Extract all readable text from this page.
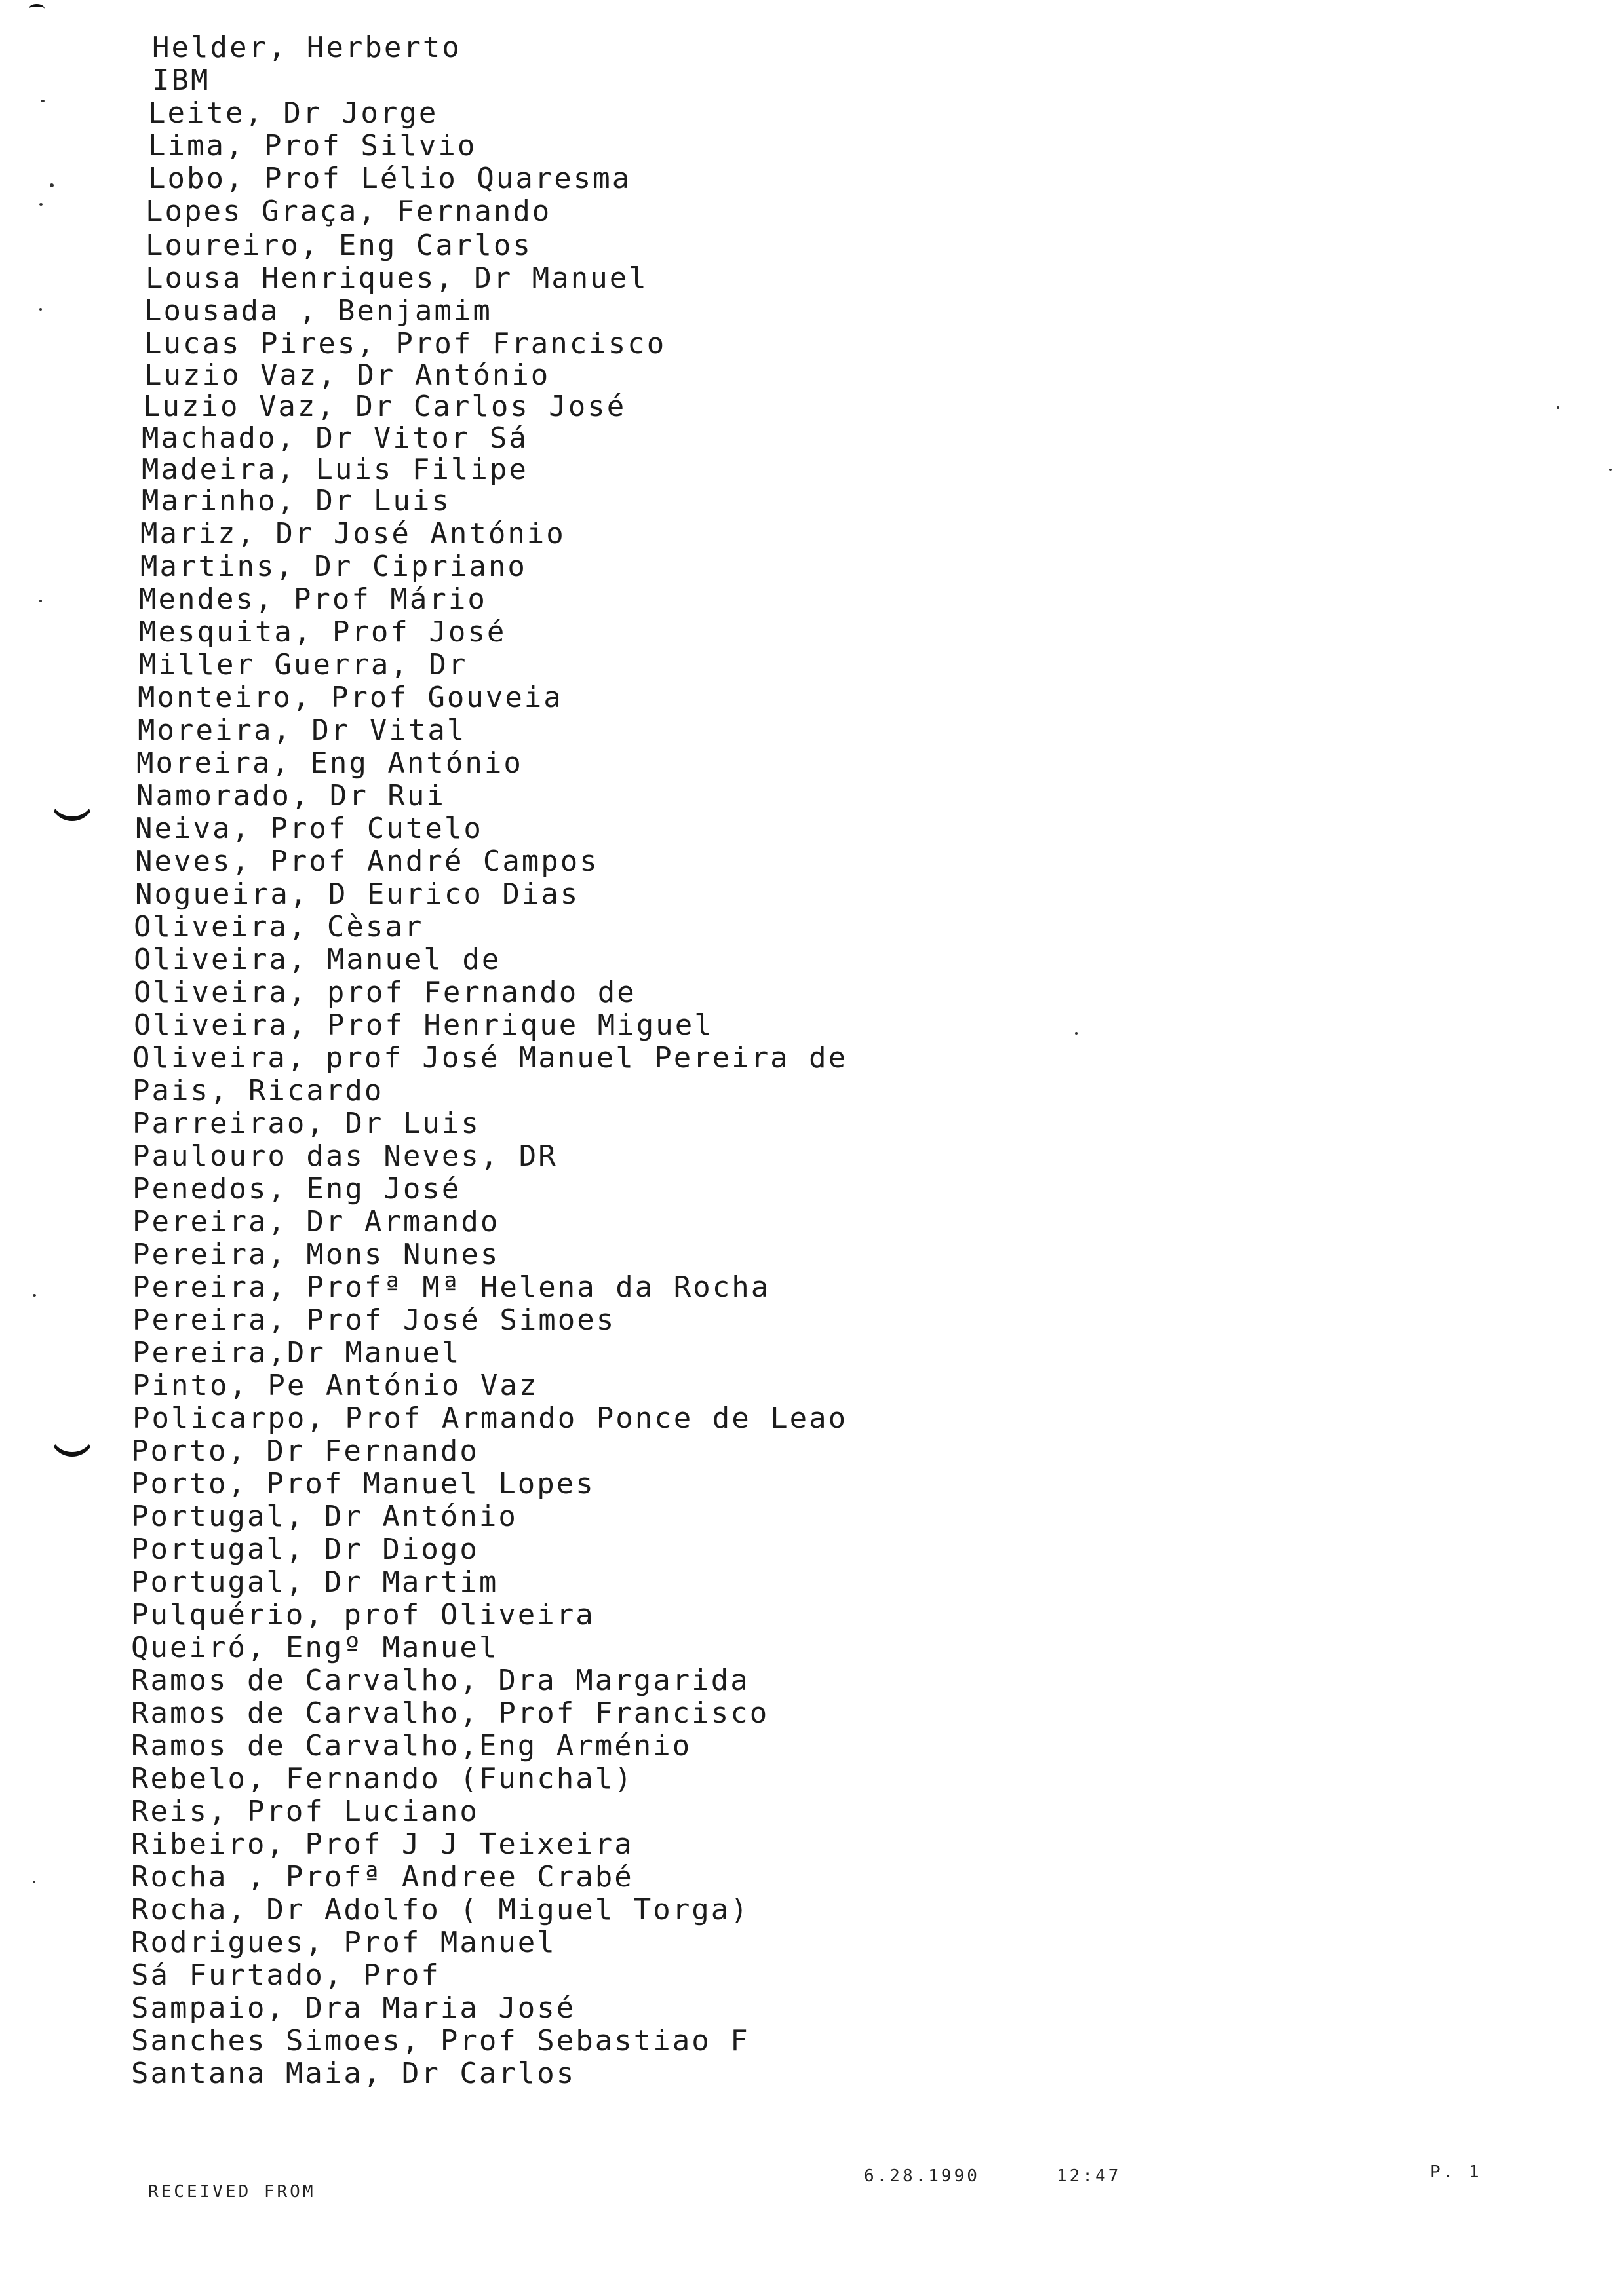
Helder, Herberto
IBM
Leite, Dr Jorge
Lima, Prof Silvio
Lobo, Prof Lélio Quaresma
Lopes Graça, Fernando
Loureiro, Eng Carlos
Lousa Henriques, Dr Manuel
Lousada , Benjamim
Lucas Pires, Prof Francisco
Luzio Vaz, Dr António
Luzio Vaz, Dr Carlos José
Machado, Dr Vitor Sá
Madeira, Luis Filipe
Marinho, Dr Luis
Mariz, Dr José António
Martins, Dr Cipriano
Mendes, Prof Mário
Mesquita, Prof José
Miller Guerra, Dr
Monteiro, Prof Gouveia
Moreira, Dr Vital
Moreira, Eng António
Namorado, Dr Rui
Neiva, Prof Cutelo
Neves, Prof André Campos
Nogueira, D Eurico Dias
Oliveira, Cèsar
Oliveira, Manuel de
Oliveira, prof Fernando de
Oliveira, Prof Henrique Miguel
Oliveira, prof José Manuel Pereira de
Pais, Ricardo
Parreirao, Dr Luis
Paulouro das Neves, DR
Penedos, Eng José
Pereira, Dr Armando
Pereira, Mons Nunes
Pereira, Profª Mª Helena da Rocha
Pereira, Prof José Simoes
Pereira,Dr Manuel
Pinto, Pe António Vaz
Policarpo, Prof Armando Ponce de Leao
Porto, Dr Fernando
Porto, Prof Manuel Lopes
Portugal, Dr António
Portugal, Dr Diogo
Portugal, Dr Martim
Pulquério, prof Oliveira
Queiró, Engº Manuel
Ramos de Carvalho, Dra Margarida
Ramos de Carvalho, Prof Francisco
Ramos de Carvalho,Eng Arménio
Rebelo, Fernando (Funchal)
Reis, Prof Luciano
Ribeiro, Prof J J Teixeira
Rocha , Profª Andree Crabé
Rocha, Dr Adolfo ( Miguel Torga)
Rodrigues, Prof Manuel
Sá Furtado, Prof
Sampaio, Dra Maria José
Sanches Simoes, Prof Sebastiao F
Santana Maia, Dr Carlos
RECEIVED FROM
6.28.1990	12:47	P. 1
